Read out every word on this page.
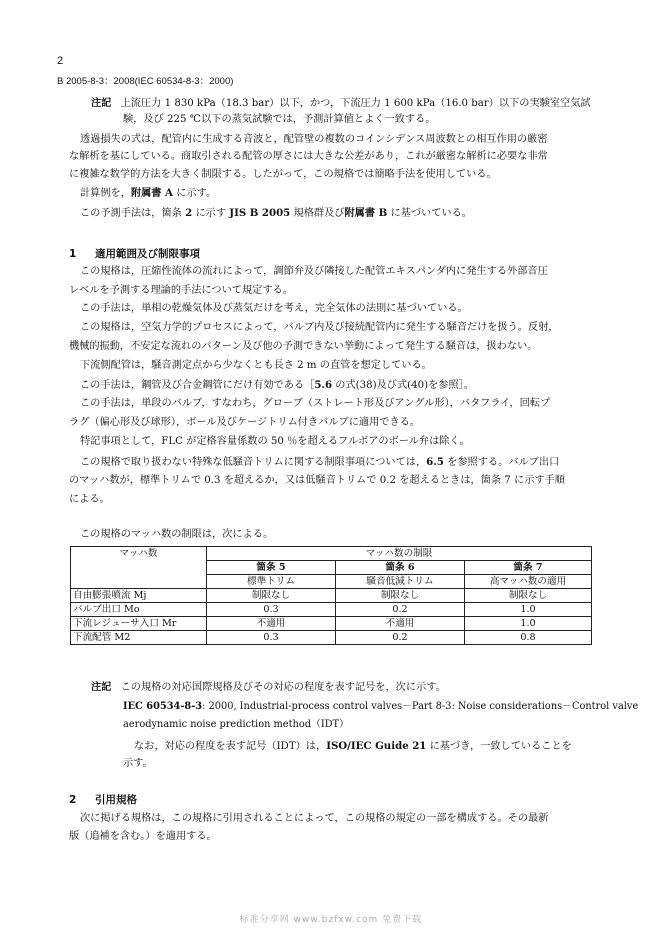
2
B 2005-8-3：2008(IEC 60534-8-3：2000)
注記 上流圧力 1 830 kPa（18.3 bar）以下，かつ，下流圧力 1 600 kPa（16.0 bar）以下の実験室空気試
験，及び 225 ℃以下の蒸気試験では，予測計算値とよく一致する。
透過損失の式は，配管内に生成する音波と，配管壁の複数のコインシデンス周波数との相互作用の厳密
な解析を基にしている。商取引される配管の厚さには大きな公差があり，これが厳密な解析に必要な非常
に複雑な数学的方法を大きく制限する。したがって，この規格では簡略手法を使用している。
計算例を，附属書 A に示す。
この予測手法は，箇条 2 に示す JIS B 2005 規格群及び附属書 B に基づいている。
1 適用範囲及び制限事項
この規格は，圧縮性流体の流れによって，調節弁及び隣接した配管エキスパンダ内に発生する外部音圧
レベルを予測する理論的手法について規定する。
この手法は，単相の乾燥気体及び蒸気だけを考え，完全気体の法則に基づいている。
この規格は，空気力学的プロセスによって，バルブ内及び接続配管内に発生する騒音だけを扱う。反射，
機械的振動，不安定な流れのパターン及び他の予測できない挙動によって発生する騒音は，扱わない。
下流側配管は，騒音測定点から少なくとも長さ 2 m の直管を想定している。
この手法は，鋼管及び合金鋼管にだけ有効である［5.6 の式(38)及び式(40)を参照］。
この手法は，単段のバルブ，すなわち，グローブ（ストレート形及びアングル形），バタフライ，回転プ
ラグ（偏心形及び球形），ボール及びケージトリム付きバルブに適用できる。
特記事項として，FLC が定格容量係数の 50 ％を超えるフルボアのボール弁は除く。
この規格で取り扱わない特殊な低騒音トリムに関する制限事項については，6.5 を参照する。バルブ出口
のマッハ数が，標準トリムで 0.3 を超えるか，又は低騒音トリムで 0.2 を超えるときは，箇条 7 に示す手順
による。
この規格のマッハ数の制限は，次による。
マッハ数	マッハ数の制限		
	箇条 5	箇条 6	箇条 7
	標準トリム	騒音低減トリム	高マッハ数の適用
自由膨張噴流 Mj	制限なし	制限なし	制限なし
バルブ出口 Mo	0.3	0.2	1.0
下流レジューサ入口 Mr	不適用	不適用	1.0
下流配管 M2	0.3	0.2	0.8
注記 この規格の対応国際規格及びその対応の程度を表す記号を，次に示す。
IEC 60534-8-3: 2000, Industrial-process control valves－Part 8-3: Noise considerations－Control valve
aerodynamic noise prediction method（IDT）
なお，対応の程度を表す記号（IDT）は，ISO/IEC Guide 21 に基づき，一致していることを
示す。
2 引用規格
次に掲げる規格は，この規格に引用されることによって，この規格の規定の一部を構成する。その最新
版（追補を含む。）を適用する。
标准分享网 www.bzfxw.com 免费下载
